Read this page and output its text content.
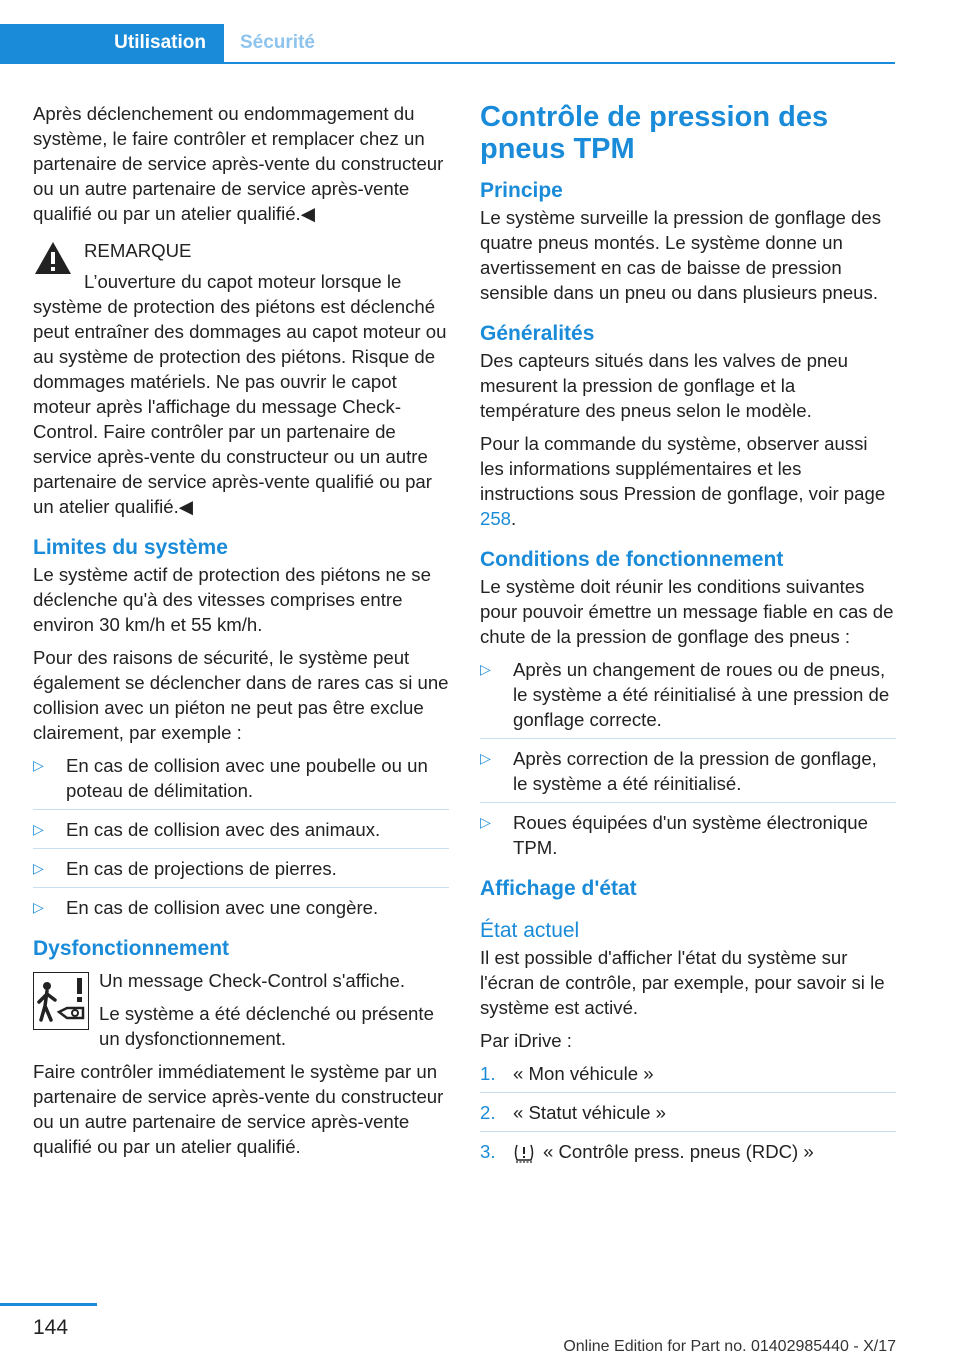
Utilisation	Sécurité

Après déclenchement ou endommagement du système, le faire contrôler et remplacer chez un partenaire de service après-vente du constructeur ou un autre partenaire de service après-vente qualifié ou par un atelier qualifié.◀

REMARQUE

L’ouverture du capot moteur lorsque le système de protection des piétons est déclenché peut entraîner des dommages au capot moteur ou au système de protection des piétons. Risque de dommages matériels. Ne pas ouvrir le capot moteur après l'affichage du message Check-Control. Faire contrôler par un partenaire de service après-vente du constructeur ou un autre partenaire de service après-vente qualifié ou par un atelier qualifié.◀

Limites du système

Le système actif de protection des piétons ne se déclenche qu'à des vitesses comprises entre environ 30 km/h et 55 km/h.

Pour des raisons de sécurité, le système peut également se déclencher dans de rares cas si une collision avec un piéton ne peut pas être exclue clairement, par exemple :

▷ En cas de collision avec une poubelle ou un poteau de délimitation.
▷ En cas de collision avec des animaux.
▷ En cas de projections de pierres.
▷ En cas de collision avec une congère.
Dysfonctionnement

Un message Check-Control s'affiche.

Le système a été déclenché ou présente un dysfonctionnement.

Faire contrôler immédiatement le système par un partenaire de service après-vente du constructeur ou un autre partenaire de service après-vente qualifié ou par un atelier qualifié.

Contrôle de pression des pneus TPM
Principe

Le système surveille la pression de gonflage des quatre pneus montés. Le système donne un avertissement en cas de baisse de pression sensible dans un pneu ou dans plusieurs pneus.

Généralités

Des capteurs situés dans les valves de pneu mesurent la pression de gonflage et la température des pneus selon le modèle.

Pour la commande du système, observer aussi les informations supplémentaires et les instructions sous Pression de gonflage, voir page 258.

Conditions de fonctionnement

Le système doit réunir les conditions suivantes pour pouvoir émettre un message fiable en cas de chute de la pression de gonflage des pneus :

▷ Après un changement de roues ou de pneus, le système a été réinitialisé à une pression de gonflage correcte.
▷ Après correction de la pression de gonflage, le système a été réinitialisé.
▷ Roues équipées d'un système électronique TPM.
Affichage d'état
État actuel

Il est possible d'afficher l'état du système sur l'écran de contrôle, par exemple, pour savoir si le système est activé.

Par iDrive :

1. « Mon véhicule »
2. « Statut véhicule »
3.	« Contrôle press. pneus (RDC) »
144
Online Edition for Part no. 01402985440 - X/17
